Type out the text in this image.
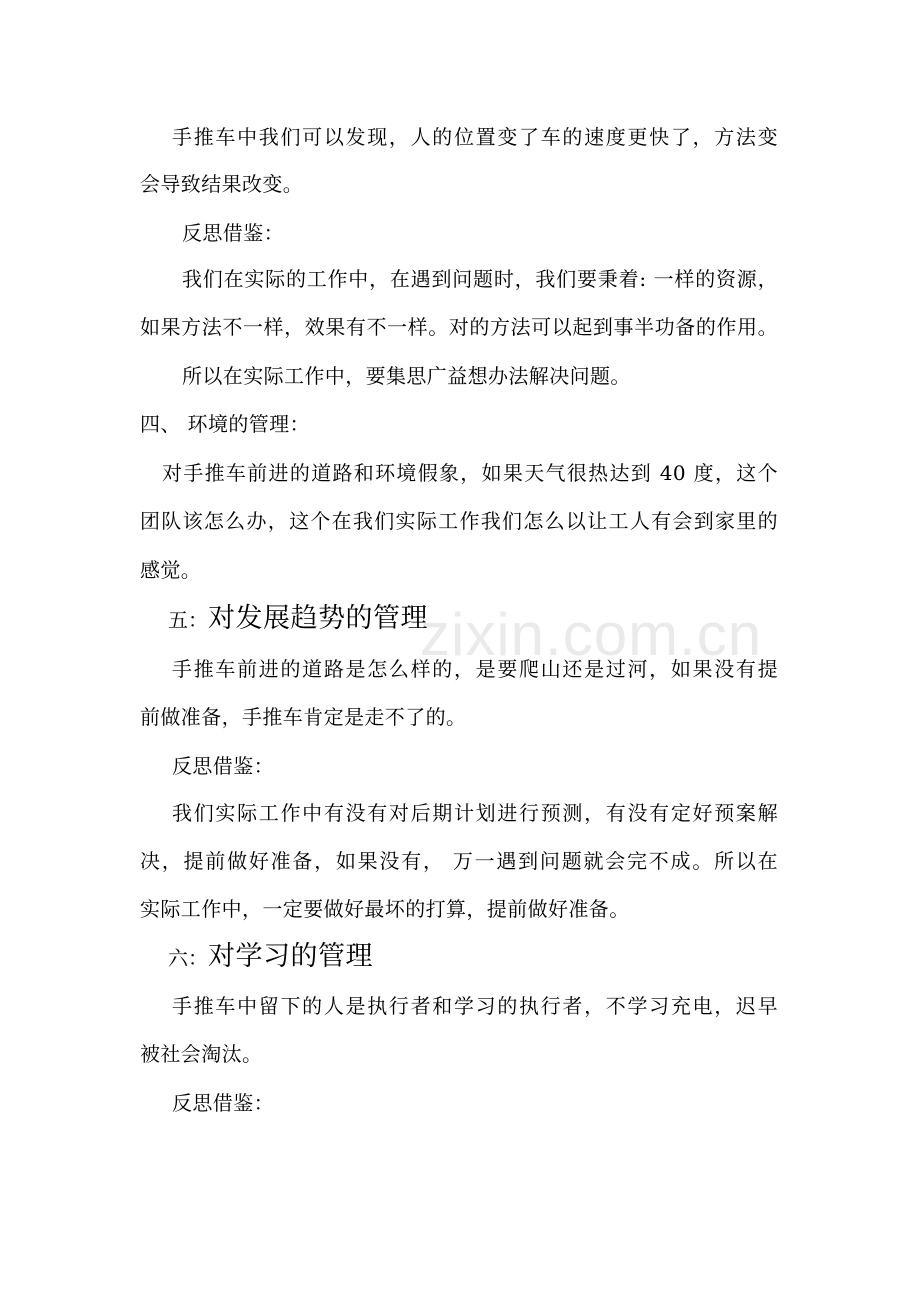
手推车中我们可以发现，人的位置变了车的速度更快了，方法变
会导致结果改变。
反思借鉴：
我们在实际的工作中，在遇到问题时，我们要秉着: 一样的资源，
如果方法不一样，效果有不一样。对的方法可以起到事半功备的作用。
所以在实际工作中，要集思广益想办法解决问题。
四、 环境的管理：
对手推车前进的道路和环境假象，如果天气很热达到 40 度，这个
团队该怎么办，这个在我们实际工作我们怎么以让工人有会到家里的
感觉。
五：对发展趋势的管理
手推车前进的道路是怎么样的，是要爬山还是过河，如果没有提
前做准备，手推车肯定是走不了的。
反思借鉴：
我们实际工作中有没有对后期计划进行预测，有没有定好预案解
决，提前做好准备，如果没有， 万一遇到问题就会完不成。所以在
实际工作中，一定要做好最坏的打算，提前做好准备。
六：对学习的管理
手推车中留下的人是执行者和学习的执行者，不学习充电，迟早
被社会淘汰。
反思借鉴：
zixin.com.cn
